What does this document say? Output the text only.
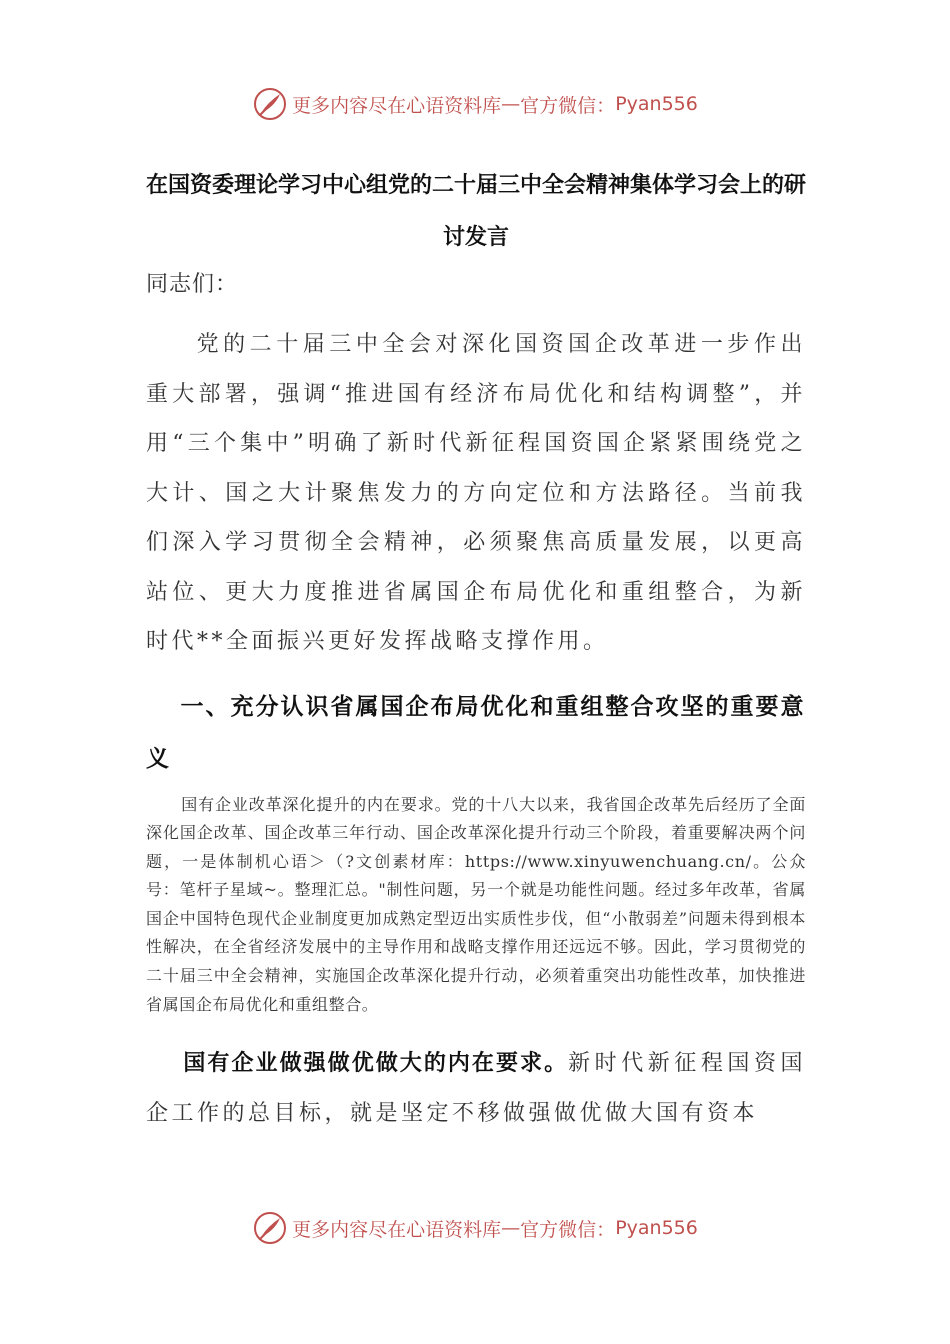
更多内容尽在心语资料库 — 官方微信： Pyan556
在国资委理论学习中心组党的二十届三中全会精神集体学习会上的研讨发言

同志们：

党的二十届三中全会对深化国资国企改革进一步作出重大部署，强调“推进国有经济布局优化和结构调整”，并用“三个集中”明确了新时代新征程国资国企紧紧围绕党之大计、国之大计聚焦发力的方向定位和方法路径。当前我们深入学习贯彻全会精神，必须聚焦高质量发展，以更高站位、更大力度推进省属国企布局优化和重组整合，为新时代**全面振兴更好发挥战略支撑作用。

一、充分认识省属国企布局优化和重组整合攻坚的重要意义

国有企业改革深化提升的内在要求。党的十八大以来，我省国企改革先后经历了全面深化国企改革、国企改革三年行动、国企改革深化提升行动三个阶段，着重要解决两个问题，一是体制机心语＞（?文创素材库：https://www.xinyuwenchuang.cn/。公众号：笔杆子星域~。整理汇总。"制性问题，另一个就是功能性问题。经过多年改革，省属国企中国特色现代企业制度更加成熟定型迈出实质性步伐，但“小散弱差”问题未得到根本性解决，在全省经济发展中的主导作用和战略支撑作用还远远不够。因此，学习贯彻党的二十届三中全会精神，实施国企改革深化提升行动，必须着重突出功能性改革，加快推进省属国企布局优化和重组整合。

国有企业做强做优做大的内在要求。新时代新征程国资国企工作的总目标，就是坚定不移做强做优做大国有资本

更多内容尽在心语资料库 — 官方微信： Pyan556
